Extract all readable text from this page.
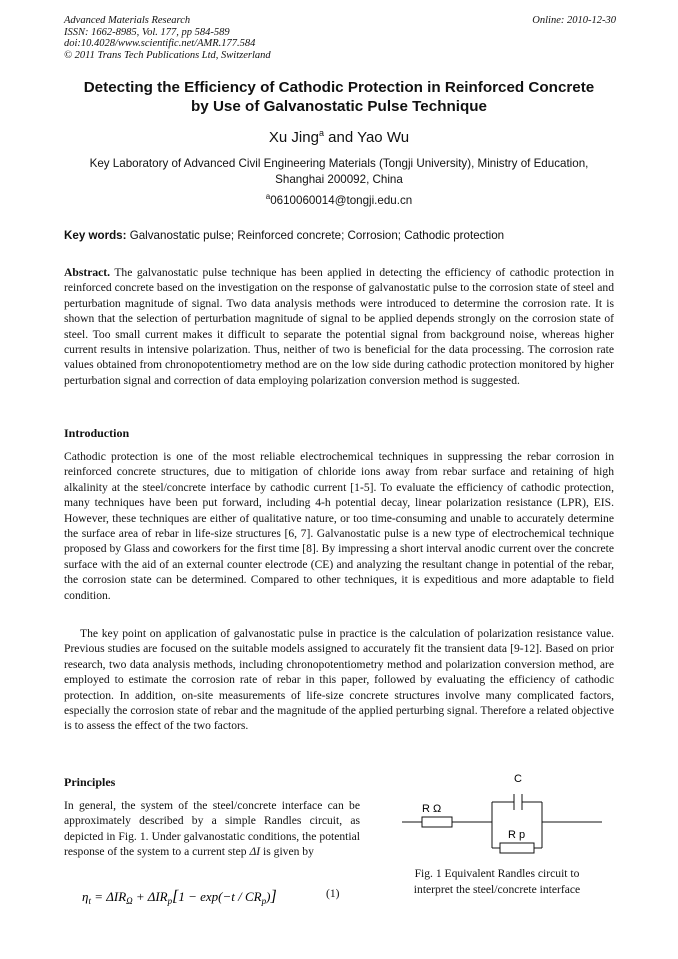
Advanced Materials Research
ISSN: 1662-8985, Vol. 177, pp 584-589
doi:10.4028/www.scientific.net/AMR.177.584
© 2011 Trans Tech Publications Ltd, Switzerland
Online: 2010-12-30
Detecting the Efficiency of Cathodic Protection in Reinforced Concrete
by Use of Galvanostatic Pulse Technique
Xu Jing$^a$ and Yao Wu
Key Laboratory of Advanced Civil Engineering Materials (Tongji University), Ministry of Education,
Shanghai 200092, China
$^a$0610060014@tongji.edu.cn
Key words: Galvanostatic pulse; Reinforced concrete; Corrosion; Cathodic protection
Abstract. The galvanostatic pulse technique has been applied in detecting the efficiency of cathodic protection in reinforced concrete based on the investigation on the response of galvanostatic pulse to the corrosion state of steel and perturbation magnitude of signal. Two data analysis methods were introduced to determine the corrosion rate. It is shown that the selection of perturbation magnitude of signal to be applied depends strongly on the corrosion state of steel. Too small current makes it difficult to separate the potential signal from background noise, whereas higher current results in intensive polarization. Thus, neither of two is beneficial for the data processing. The corrosion rate values obtained from chronopotentiometry method are on the low side during cathodic protection monitored by higher perturbation signal and correction of data employing polarization conversion method is suggested.
Introduction
Cathodic protection is one of the most reliable electrochemical techniques in suppressing the rebar corrosion in reinforced concrete structures, due to mitigation of chloride ions away from rebar surface and retaining of high alkalinity at the steel/concrete interface by cathodic current [1-5]. To evaluate the efficiency of cathodic protection, many techniques have been put forward, including 4-h potential decay, linear polarization resistance (LPR), EIS. However, these techniques are either of qualitative nature, or too time-consuming and unable to accurately determine the surface area of rebar in life-size structures [6, 7]. Galvanostatic pulse is a new type of electrochemical technique proposed by Glass and coworkers for the first time [8]. By impressing a short interval anodic current over the concrete surface with the aid of an external counter electrode (CE) and analyzing the resultant change in potential of the rebar, the corrosion state can be determined. Compared to other techniques, it is expeditious and more adaptable to field condition.
The key point on application of galvanostatic pulse in practice is the calculation of polarization resistance value. Previous studies are focused on the suitable models assigned to accurately fit the transient data [9-12]. Based on prior research, two data analysis methods, including chronopotentiometry method and polarization conversion method, are employed to estimate the corrosion rate of rebar in this paper, followed by evaluating the efficiency of cathodic protection. In addition, on-site measurements of life-size concrete structures involve many complicated factors, especially the corrosion state of rebar and the magnitude of the applied perturbing signal. Therefore a related objective is to assess the effect of the two factors.
Principles
In general, the system of the steel/concrete interface can be approximately described by a simple Randles circuit, as depicted in Fig. 1. Under galvanostatic conditions, the potential response of the system to a current step ΔI is given by
$\eta_t = \Delta IR_\Omega + \Delta IR_p[1 - \exp(-t / CR_p)]$	(1)
C
R Ω
R p
Fig. 1 Equivalent Randles circuit to
interpret the steel/concrete interface
